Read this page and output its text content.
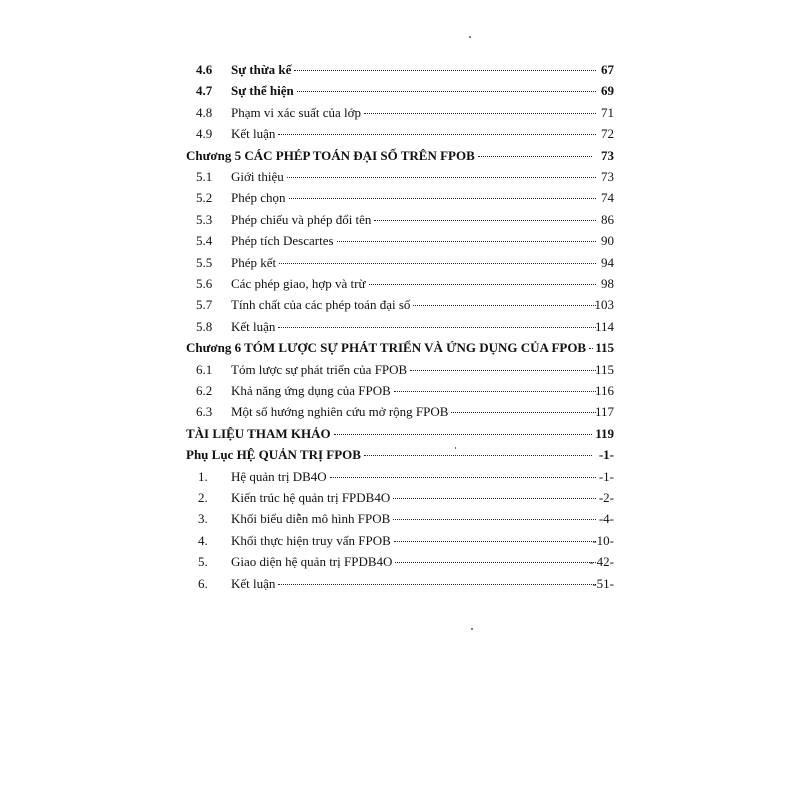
4.6 Sự thừa kế	67
4.7 Sự thể hiện	69
4.8 Phạm vi xác suất của lớp	71
4.9 Kết luận	72
Chương 5 CÁC PHÉP TOÁN ĐẠI SỐ TRÊN FPOB	73
5.1 Giới thiệu	73
5.2 Phép chọn	74
5.3 Phép chiếu và phép đổi tên	86
5.4 Phép tích Descartes	90
5.5 Phép kết	94
5.6 Các phép giao, hợp và trừ	98
5.7 Tính chất của các phép toán đại số	103
5.8 Kết luận	114
Chương 6 TÓM LƯỢC SỰ PHÁT TRIỂN VÀ ỨNG DỤNG CỦA FPOB 115
6.1 Tóm lược sự phát triển của FPOB	115
6.2 Khả năng ứng dụng của FPOB	116
6.3 Một số hướng nghiên cứu mở rộng FPOB	117
TÀI LIỆU THAM KHẢO	119
Phụ Lục HỆ QUẢN TRỊ FPOB	-1-
1. Hệ quản trị DB4O	-1-
2. Kiến trúc hệ quản trị FPDB4O	-2-
3. Khối biểu diễn mô hình FPOB	-4-
4. Khối thực hiện truy vấn FPOB	-10-
5. Giao diện hệ quản trị FPDB4O	- 42-
6. Kết luận	-51-
